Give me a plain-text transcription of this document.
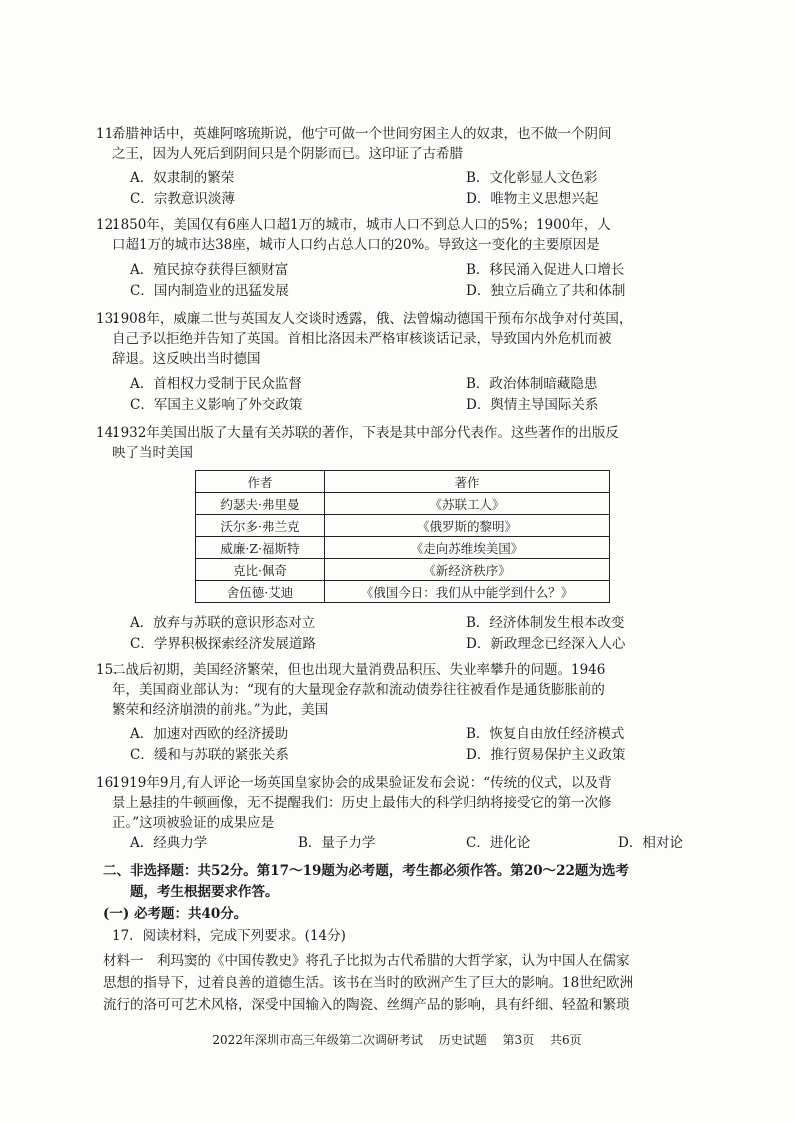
11.
希腊神话中，英雄阿喀琉斯说，他宁可做一个世间穷困主人的奴隶，也不做一个阴间
之王，因为人死后到阴间只是个阴影而已。这印证了古希腊
A．奴隶制的繁荣	B．文化彰显人文色彩
C．宗教意识淡薄	D．唯物主义思想兴起
12.
1850年，美国仅有6座人口超1万的城市，城市人口不到总人口的5%；1900年，人
口超1万的城市达38座，城市人口约占总人口的20%。导致这一变化的主要原因是
A．殖民掠夺获得巨额财富	B．移民涌入促进人口增长
C．国内制造业的迅猛发展	D．独立后确立了共和体制
13.
1908年，威廉二世与英国友人交谈时透露，俄、法曾煽动德国干预布尔战争对付英国，
自己予以拒绝并告知了英国。首相比洛因未严格审核谈话记录，导致国内外危机而被
辞退。这反映出当时德国
A．首相权力受制于民众监督	B．政治体制暗藏隐患
C．军国主义影响了外交政策	D．舆情主导国际关系
14.
1932年美国出版了大量有关苏联的著作，下表是其中部分代表作。这些著作的出版反
映了当时美国
作者	著作
约瑟夫·弗里曼	《苏联工人》
沃尔多·弗兰克	《俄罗斯的黎明》
威廉·Z·福斯特	《走向苏维埃美国》
克比·佩奇	《新经济秩序》
舍伍德·艾迪	《俄国今日：我们从中能学到什么？》
A．放弃与苏联的意识形态对立	B．经济体制发生根本改变
C．学界积极探索经济发展道路	D．新政理念已经深入人心
15.
二战后初期，美国经济繁荣，但也出现大量消费品积压、失业率攀升的问题。1946
年，美国商业部认为：“现有的大量现金存款和流动债券往往被看作是通货膨胀前的
繁荣和经济崩溃的前兆。”为此，美国
A．加速对西欧的经济援助	B．恢复自由放任经济模式
C．缓和与苏联的紧张关系	D．推行贸易保护主义政策
16.
1919年9月,有人评论一场英国皇家协会的成果验证发布会说：“传统的仪式，以及背
景上悬挂的牛顿画像，无不提醒我们：历史上最伟大的科学归纳将接受它的第一次修
正。”这项被验证的成果应是
A．经典力学	B．量子力学	C．进化论	D．相对论
二、非选择题：共52分。第17～19题为必考题，考生都必须作答。第20～22题为选考
题，考生根据要求作答。
(一) 必考题：共40分。
17．阅读材料，完成下列要求。(14分)
材料一　利玛窦的《中国传教史》将孔子比拟为古代希腊的大哲学家，认为中国人在儒家
思想的指导下，过着良善的道德生活。该书在当时的欧洲产生了巨大的影响。18世纪欧洲
流行的洛可可艺术风格，深受中国输入的陶瓷、丝绸产品的影响，具有纤细、轻盈和繁琐
2022年深圳市高三年级第二次调研考试 历史试题 第3页 共6页
